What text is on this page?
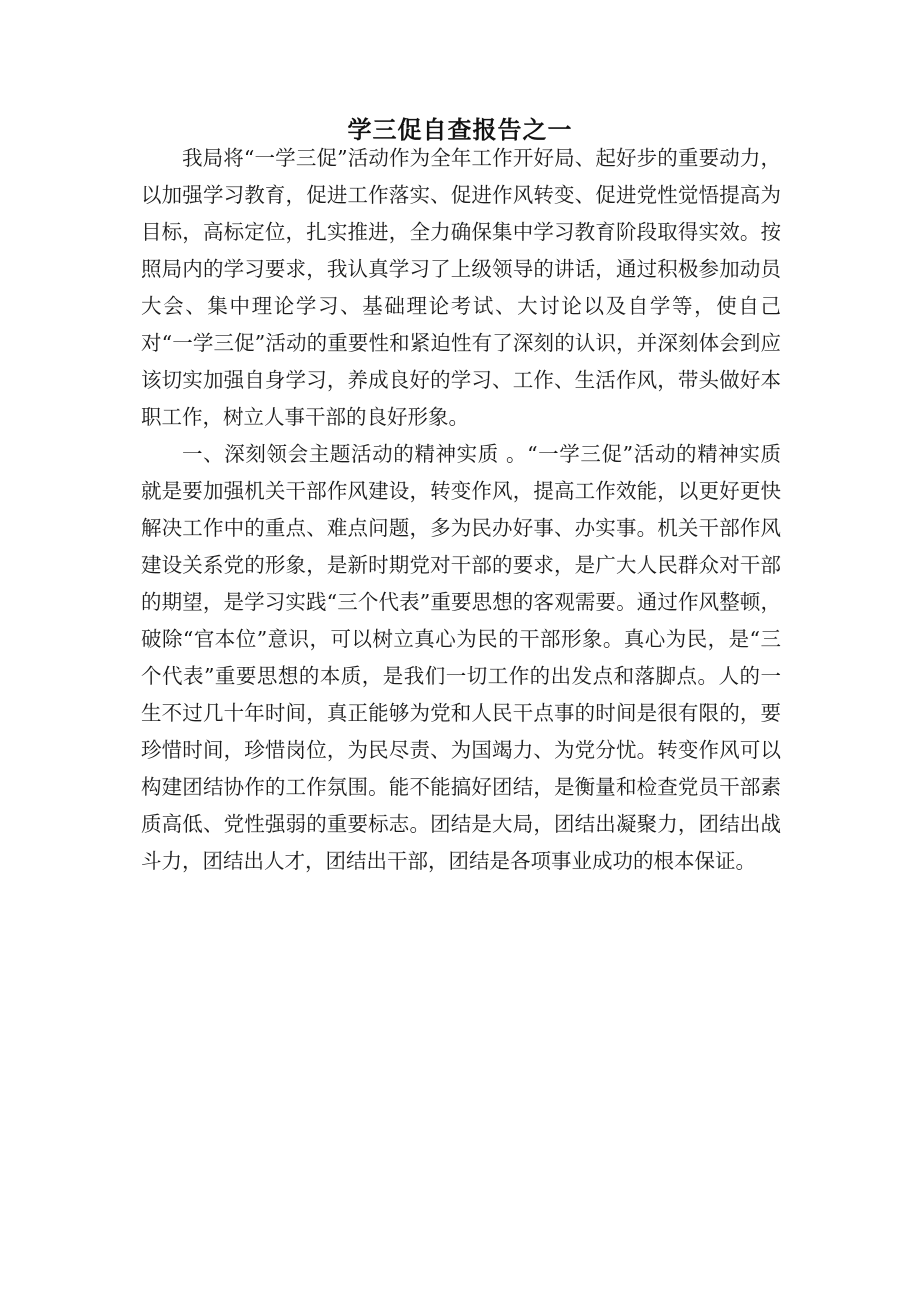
学三促自查报告之一

我局将“一学三促”活动作为全年工作开好局、起好步的重要动力，以加强学习教育，促进工作落实、促进作风转变、促进党性觉悟提高为目标，高标定位，扎实推进，全力确保集中学习教育阶段取得实效。按照局内的学习要求，我认真学习了上级领导的讲话，通过积极参加动员大会、集中理论学习、基础理论考试、大讨论以及自学等，使自己对“一学三促”活动的重要性和紧迫性有了深刻的认识，并深刻体会到应该切实加强自身学习，养成良好的学习、工作、生活作风，带头做好本职工作，树立人事干部的良好形象。

一、深刻领会主题活动的精神实质 。“一学三促”活动的精神实质就是要加强机关干部作风建设，转变作风，提高工作效能，以更好更快解决工作中的重点、难点问题，多为民办好事、办实事。机关干部作风建设关系党的形象，是新时期党对干部的要求，是广大人民群众对干部的期望，是学习实践“三个代表”重要思想的客观需要。通过作风整顿，破除“官本位”意识，可以树立真心为民的干部形象。真心为民，是“三个代表”重要思想的本质，是我们一切工作的出发点和落脚点。人的一生不过几十年时间，真正能够为党和人民干点事的时间是很有限的，要珍惜时间，珍惜岗位，为民尽责、为国竭力、为党分忧。转变作风可以构建团结协作的工作氛围。能不能搞好团结，是衡量和检查党员干部素质高低、党性强弱的重要标志。团结是大局，团结出凝聚力，团结出战斗力，团结出人才，团结出干部，团结是各项事业成功的根本保证。
